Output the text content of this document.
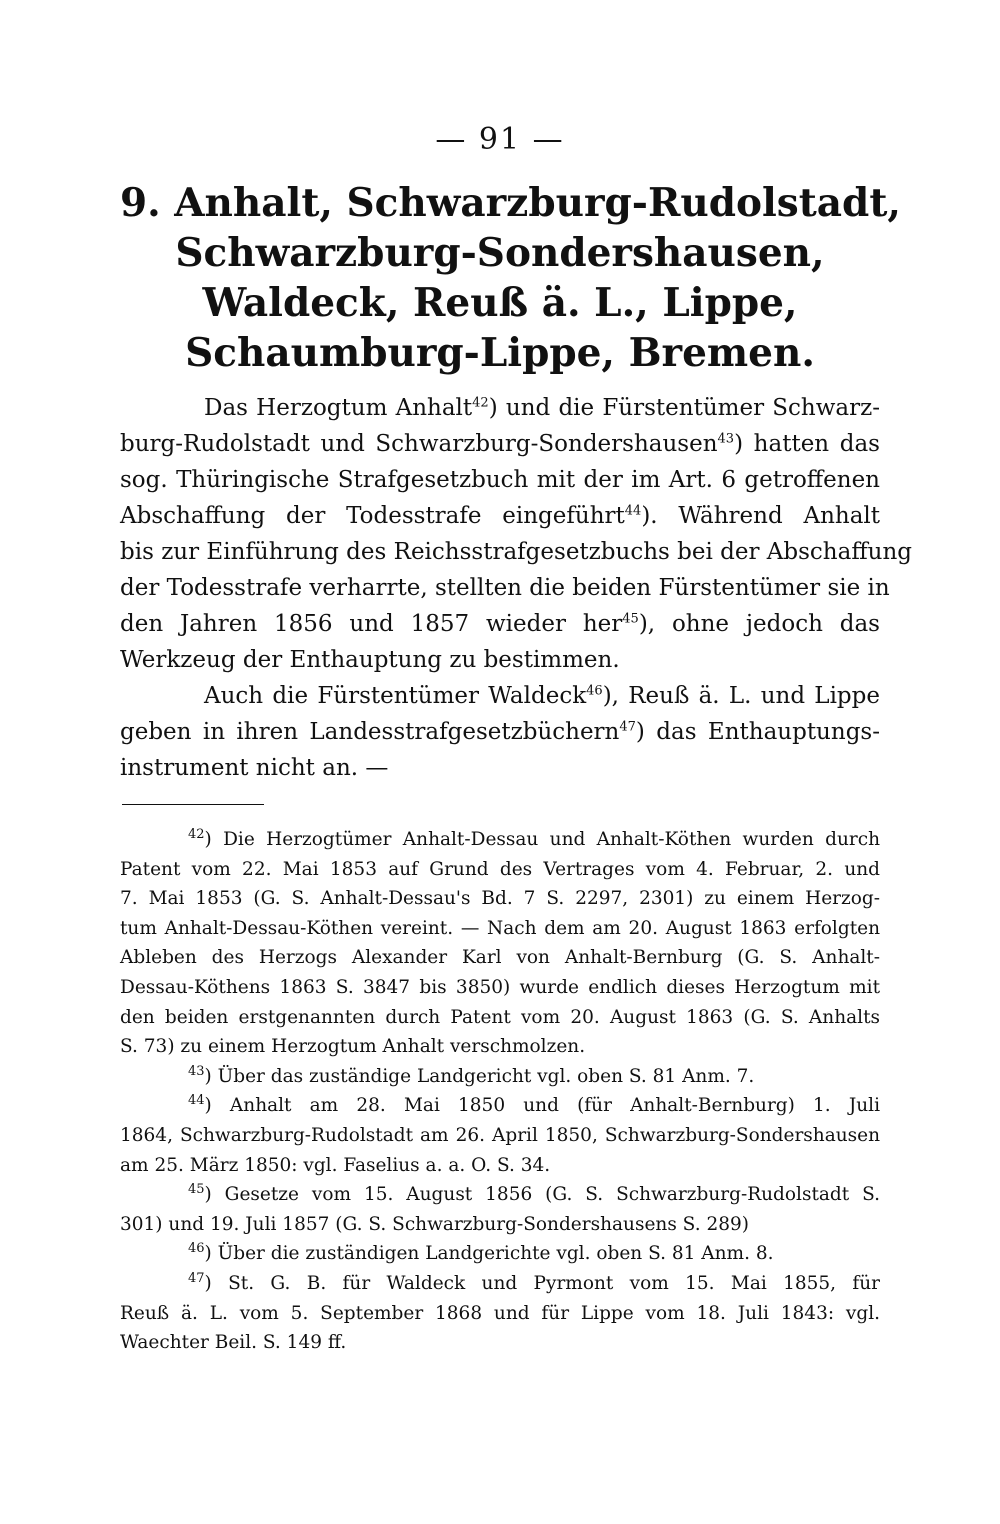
— 91 —
9. Anhalt, Schwarzburg-Rudolstadt,
Schwarzburg-Sondershausen,
Waldeck, Reuß ä. L., Lippe,
Schaumburg-Lippe, Bremen.
Das Herzogtum Anhalt$^{42}$) und die Fürstentümer Schwarz-
burg-Rudolstadt und Schwarzburg-Sondershausen$^{43}$) hatten das
sog. Thüringische Strafgesetzbuch mit der im Art. 6 getroffenen
Abschaffung der Todesstrafe eingeführt$^{44}$). Während Anhalt
bis zur Einführung des Reichsstrafgesetzbuchs bei der Abschaffung
der Todesstrafe verharrte, stellten die beiden Fürstentümer sie in
den Jahren 1856 und 1857 wieder her$^{45}$), ohne jedoch das
Werkzeug der Enthauptung zu bestimmen.
Auch die Fürstentümer Waldeck$^{46}$), Reuß ä. L. und Lippe
geben in ihren Landesstrafgesetzbüchern$^{47}$) das Enthauptungs-
instrument nicht an. —
$^{42}$) Die Herzogtümer Anhalt-Dessau und Anhalt-Köthen wurden durch
Patent vom 22. Mai 1853 auf Grund des Vertrages vom 4. Februar, 2. und
7. Mai 1853 (G. S. Anhalt-Dessau's Bd. 7 S. 2297, 2301) zu einem Herzog-
tum Anhalt-Dessau-Köthen vereint. — Nach dem am 20. August 1863 erfolgten
Ableben des Herzogs Alexander Karl von Anhalt-Bernburg (G. S. Anhalt-
Dessau-Köthens 1863 S. 3847 bis 3850) wurde endlich dieses Herzogtum mit
den beiden erstgenannten durch Patent vom 20. August 1863 (G. S. Anhalts
S. 73) zu einem Herzogtum Anhalt verschmolzen.
$^{43}$) Über das zuständige Landgericht vgl. oben S. 81 Anm. 7.
$^{44}$) Anhalt am 28. Mai 1850 und (für Anhalt-Bernburg) 1. Juli
1864, Schwarzburg-Rudolstadt am 26. April 1850, Schwarzburg-Sondershausen
am 25. März 1850: vgl. Faselius a. a. O. S. 34.
$^{45}$) Gesetze vom 15. August 1856 (G. S. Schwarzburg-Rudolstadt S.
301) und 19. Juli 1857 (G. S. Schwarzburg-Sondershausens S. 289)
$^{46}$) Über die zuständigen Landgerichte vgl. oben S. 81 Anm. 8.
$^{47}$) St. G. B. für Waldeck und Pyrmont vom 15. Mai 1855, für
Reuß ä. L. vom 5. September 1868 und für Lippe vom 18. Juli 1843: vgl.
Waechter Beil. S. 149 ff.
